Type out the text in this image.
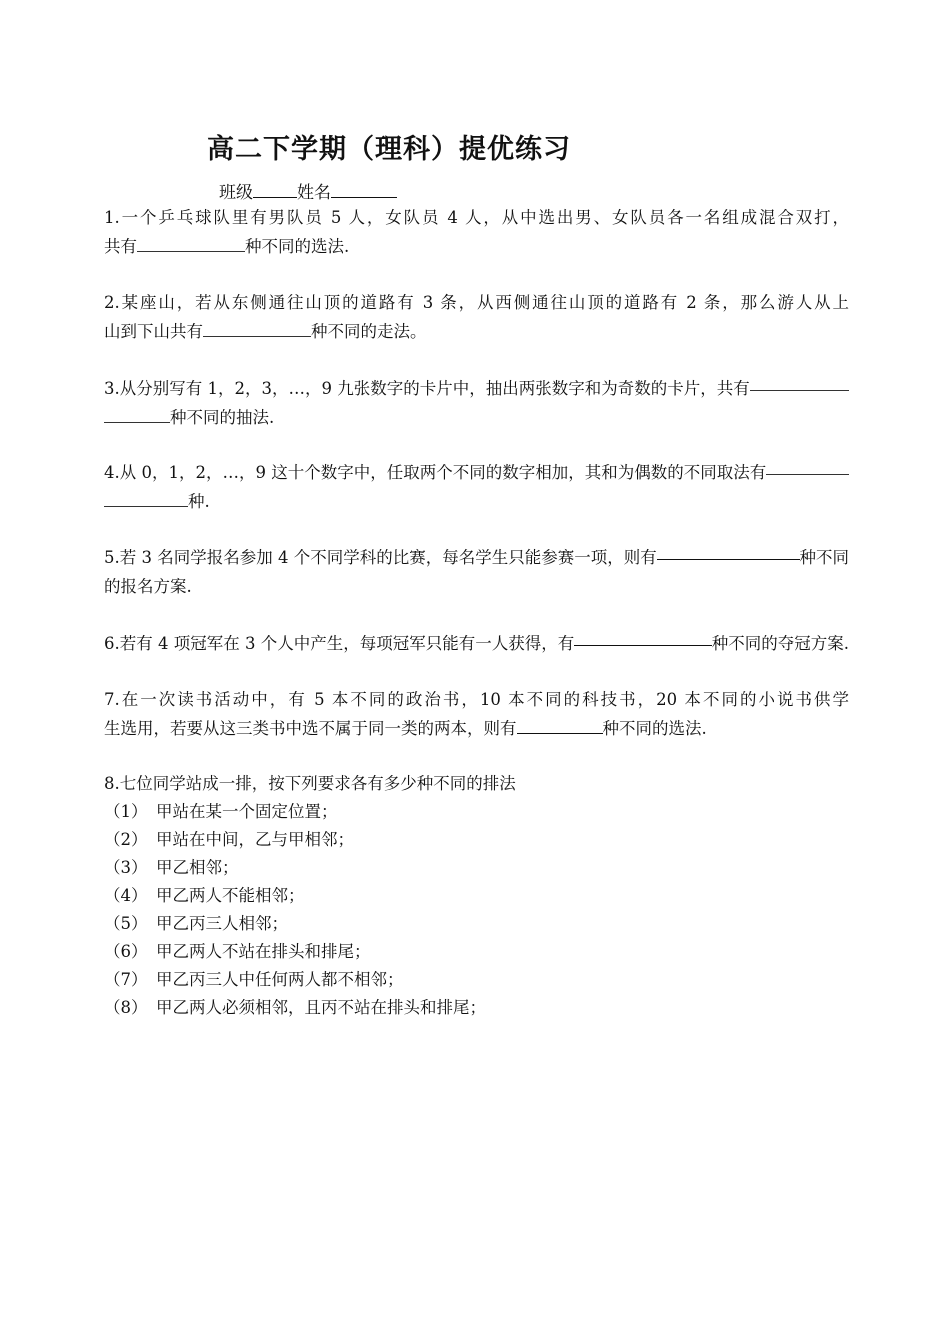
高二下学期（理科）提优练习
班级	姓名
1.一个乒乓球队里有男队员 5 人，女队员 4 人，从中选出男、女队员各一名组成混合双打，
共有	种不同的选法.
2.某座山，若从东侧通往山顶的道路有 3 条，从西侧通往山顶的道路有 2 条，那么游人从上
山到下山共有	种不同的走法。
3.从分别写有 1，2，3，…，9 九张数字的卡片中，抽出两张数字和为奇数的卡片，共有
种不同的抽法.
4.从 0，1，2，…，9 这十个数字中，任取两个不同的数字相加，其和为偶数的不同取法有
种.
5.若 3 名同学报名参加 4 个不同学科的比赛，每名学生只能参赛一项，则有	种不同
的报名方案.
6.若有 4 项冠军在 3 个人中产生，每项冠军只能有一人获得，有	种不同的夺冠方案.
7.在一次读书活动中，有 5 本不同的政治书，10 本不同的科技书，20 本不同的小说书供学
生选用，若要从这三类书中选不属于同一类的两本，则有	种不同的选法.
8.七位同学站成一排，按下列要求各有多少种不同的排法
（1） 甲站在某一个固定位置；
（2） 甲站在中间，乙与甲相邻；
（3） 甲乙相邻；
（4） 甲乙两人不能相邻；
（5） 甲乙丙三人相邻；
（6） 甲乙两人不站在排头和排尾；
（7） 甲乙丙三人中任何两人都不相邻；
（8） 甲乙两人必须相邻，且丙不站在排头和排尾；
